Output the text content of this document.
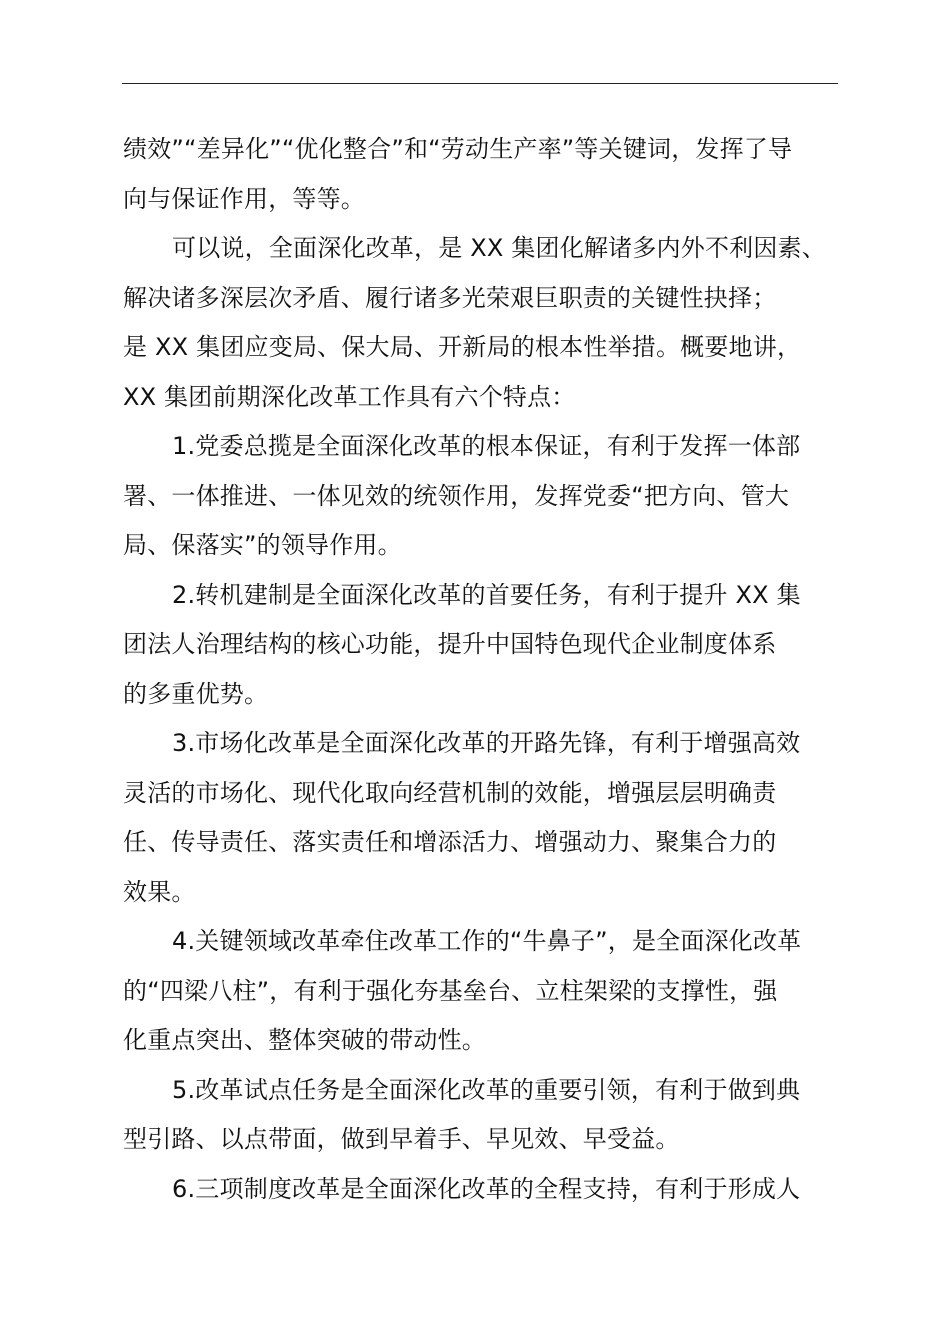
绩效”“差异化”“优化整合”和“劳动生产率”等关键词，发挥了导
向与保证作用，等等。

可以说，全面深化改革，是 XX 集团化解诸多内外不利因素、
解决诸多深层次矛盾、履行诸多光荣艰巨职责的关键性抉择；
是 XX 集团应变局、保大局、开新局的根本性举措。概要地讲，
XX 集团前期深化改革工作具有六个特点：

1.党委总揽是全面深化改革的根本保证，有利于发挥一体部
署、一体推进、一体见效的统领作用，发挥党委“把方向、管大
局、保落实”的领导作用。

2.转机建制是全面深化改革的首要任务，有利于提升 XX 集
团法人治理结构的核心功能，提升中国特色现代企业制度体系
的多重优势。

3.市场化改革是全面深化改革的开路先锋，有利于增强高效
灵活的市场化、现代化取向经营机制的效能，增强层层明确责
任、传导责任、落实责任和增添活力、增强动力、聚集合力的
效果。

4.关键领域改革牵住改革工作的“牛鼻子”，是全面深化改革
的“四梁八柱”，有利于强化夯基垒台、立柱架梁的支撑性，强
化重点突出、整体突破的带动性。

5.改革试点任务是全面深化改革的重要引领，有利于做到典
型引路、以点带面，做到早着手、早见效、早受益。

6.三项制度改革是全面深化改革的全程支持，有利于形成人
